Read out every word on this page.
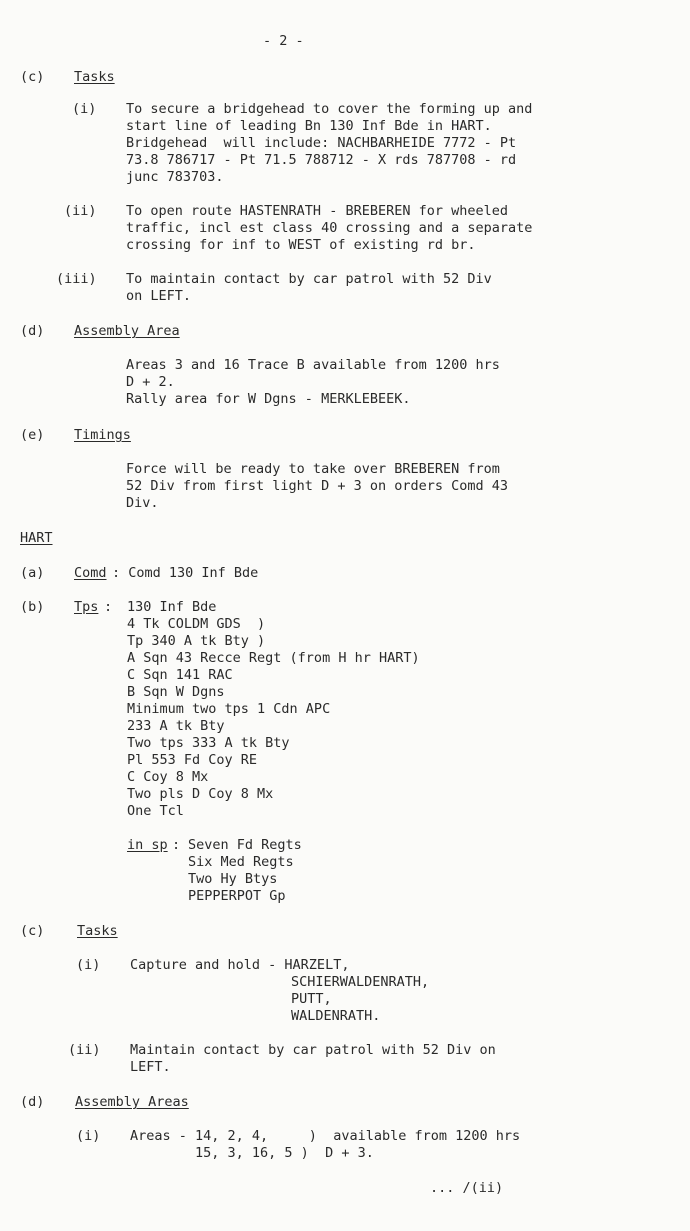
- 2 -
(c) Tasks
(i) To secure a bridgehead to cover the forming up and
start line of leading Bn 130 Inf Bde in HART.
Bridgehead  will include: NACHBARHEIDE 7772 - Pt
73.8 786717 - Pt 71.5 788712 - X rds 787708 - rd
junc 783703.
(ii) To open route HASTENRATH - BREBEREN for wheeled
traffic, incl est class 40 crossing and a separate
crossing for inf to WEST of existing rd br.
(iii) To maintain contact by car patrol with 52 Div
on LEFT.
(d) Assembly Area
Areas 3 and 16 Trace B available from 1200 hrs
D + 2.
Rally area for W Dgns - MERKLEBEEK.
(e) Timings
Force will be ready to take over BREBEREN from
52 Div from first light D + 3 on orders Comd 43
Div.
HART
(a) Comd : Comd 130 Inf Bde
(b) Tps : 130 Inf Bde
4 Tk COLDM GDS  )
Tp 340 A tk Bty )
A Sqn 43 Recce Regt (from H hr HART)
C Sqn 141 RAC
B Sqn W Dgns
Minimum two tps 1 Cdn APC
233 A tk Bty
Two tps 333 A tk Bty
Pl 553 Fd Coy RE
C Coy 8 Mx
Two pls D Coy 8 Mx
One Tcl
in sp : Seven Fd Regts
Six Med Regts
Two Hy Btys
PEPPERPOT Gp
(c) Tasks
(i) Capture and hold - HARZELT,
SCHIERWALDENRATH,
PUTT,
WALDENRATH.
(ii) Maintain contact by car patrol with 52 Div on
LEFT.
(d) Assembly Areas
(i) Areas - 14, 2, 4,     )  available from 1200 hrs
15, 3, 16, 5 )  D + 3.
... /(ii)
